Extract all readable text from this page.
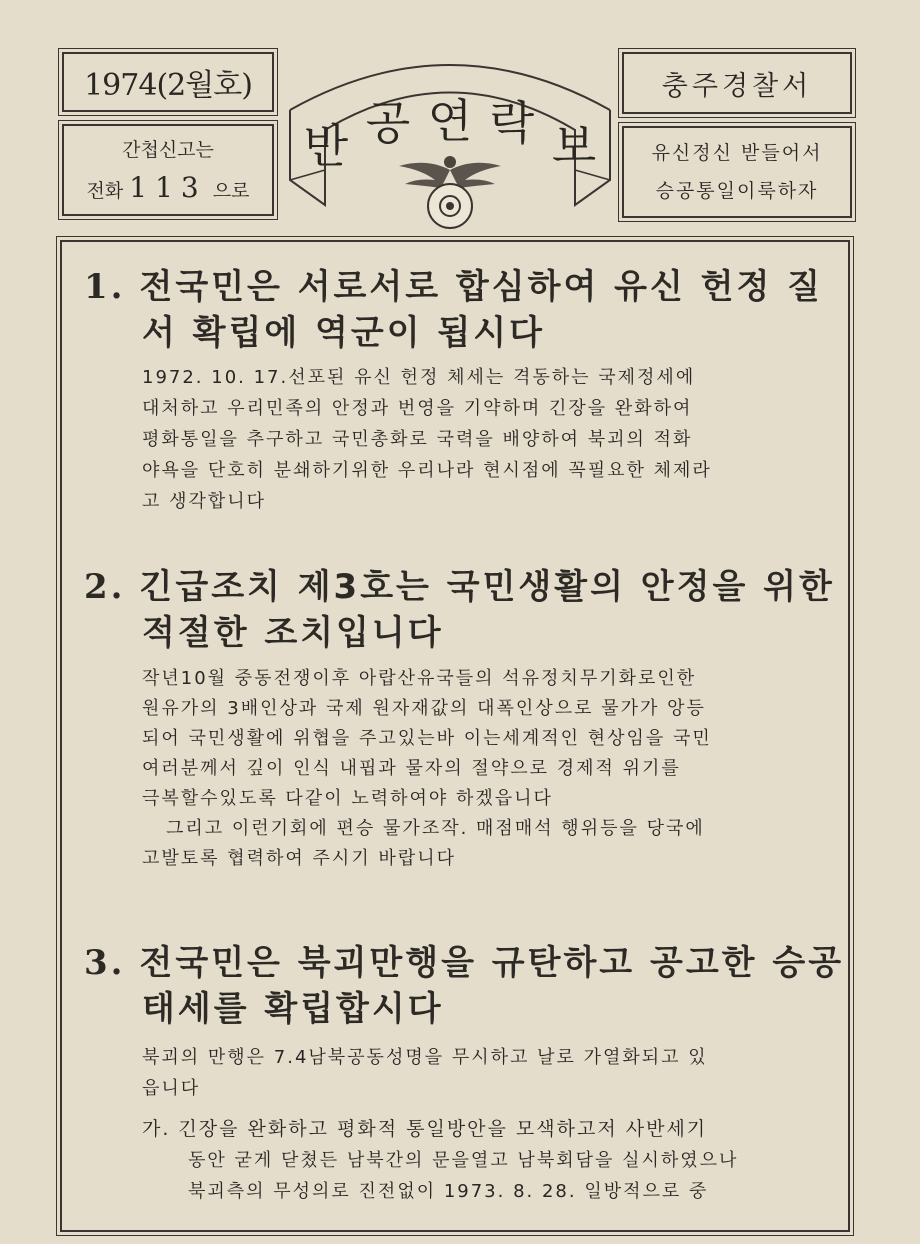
1974(2월호)
간첩신고는
전화 113 으로
반 공 연 락 보
충주경찰서
유신정신 받들어서
승공통일이룩하자
1. 전국민은 서로서로 합심하여 유신 헌정 질
서 확립에 역군이 됩시다
1972. 10. 17.선포된 유신 헌정 체세는 격동하는 국제정세에
대처하고 우리민족의 안정과 번영을 기약하며 긴장을 완화하여
평화통일을 추구하고 국민총화로 국력을 배양하여 북괴의 적화
야욕을 단호히 분쇄하기위한 우리나라 현시점에 꼭필요한 체제라
고 생각합니다
2. 긴급조치 제3호는 국민생활의 안정을 위한
적절한 조치입니다
작년10월 중동전쟁이후 아랍산유국들의 석유정치무기화로인한
원유가의 3배인상과 국제 원자재값의 대폭인상으로 물가가 앙등
되어 국민생활에 위협을 주고있는바 이는세계적인 현상임을 국민
여러분께서 깊이 인식 내핍과 물자의 절약으로 경제적 위기를
극복할수있도록 다같이 노력하여야 하겠읍니다
그리고 이런기회에 편승 물가조작. 매점매석 행위등을 당국에
고발토록 협력하여 주시기 바랍니다
3. 전국민은 북괴만행을 규탄하고 공고한 승공
태세를 확립합시다
북괴의 만행은 7.4남북공동성명을 무시하고 날로 가열화되고 있
읍니다
가. 긴장을 완화하고 평화적 통일방안을 모색하고저 사반세기
동안 굳게 닫쳤든 남북간의 문을열고 남북회담을 실시하였으나
북괴측의 무성의로 진전없이 1973. 8. 28. 일방적으로 중
